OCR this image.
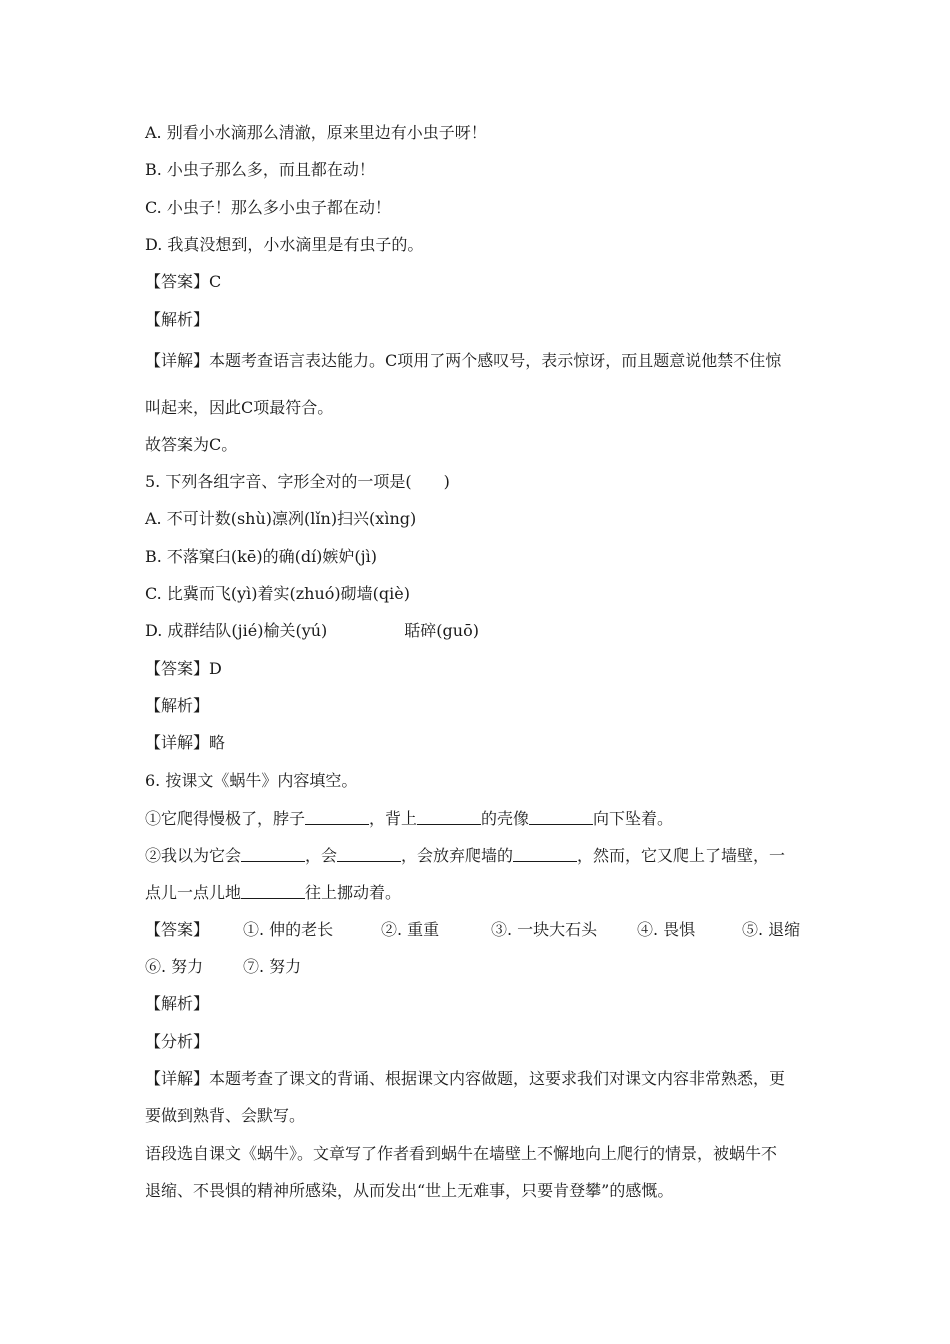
A. 别看小水滴那么清澈，原来里边有小虫子呀！
B. 小虫子那么多，而且都在动！
C. 小虫子！那么多小虫子都在动！
D. 我真没想到，小水滴里是有虫子的。
【答案】C
【解析】
【详解】本题考查语言表达能力。C项用了两个感叹号，表示惊讶，而且题意说他禁不住惊
叫起来，因此C项最符合。
故答案为C。
5. 下列各组字音、字形全对的一项是(　　)
A. 不可计数(shù)凛冽(lǐn)扫兴(xìng)
B. 不落窠臼(kē)的确(dí)嫉妒(jì)
C. 比冀而飞(yì)着实(zhuó)砌墙(qiè)
D. 成群结队(jié)榆关(yú)	聒碎(guō)
【答案】D
【解析】
【详解】略
6. 按课文《蜗牛》内容填空。
①它爬得慢极了，脖子	，背上	的壳像	向下坠着。
②我以为它会	，会	，会放弃爬墙的	，然而，它又爬上了墙壁，一
点儿一点儿地	往上挪动着。
【答案】 ①. 伸的老长	②. 重重	③. 一块大石头 ④. 畏惧	⑤. 退缩
⑥. 努力 ⑦. 努力
【解析】
【分析】
【详解】本题考查了课文的背诵、根据课文内容做题，这要求我们对课文内容非常熟悉，更
要做到熟背、会默写。
语段选自课文《蜗牛》。文章写了作者看到蜗牛在墙壁上不懈地向上爬行的情景，被蜗牛不
退缩、不畏惧的精神所感染，从而发出“世上无难事，只要肯登攀”的感慨。
